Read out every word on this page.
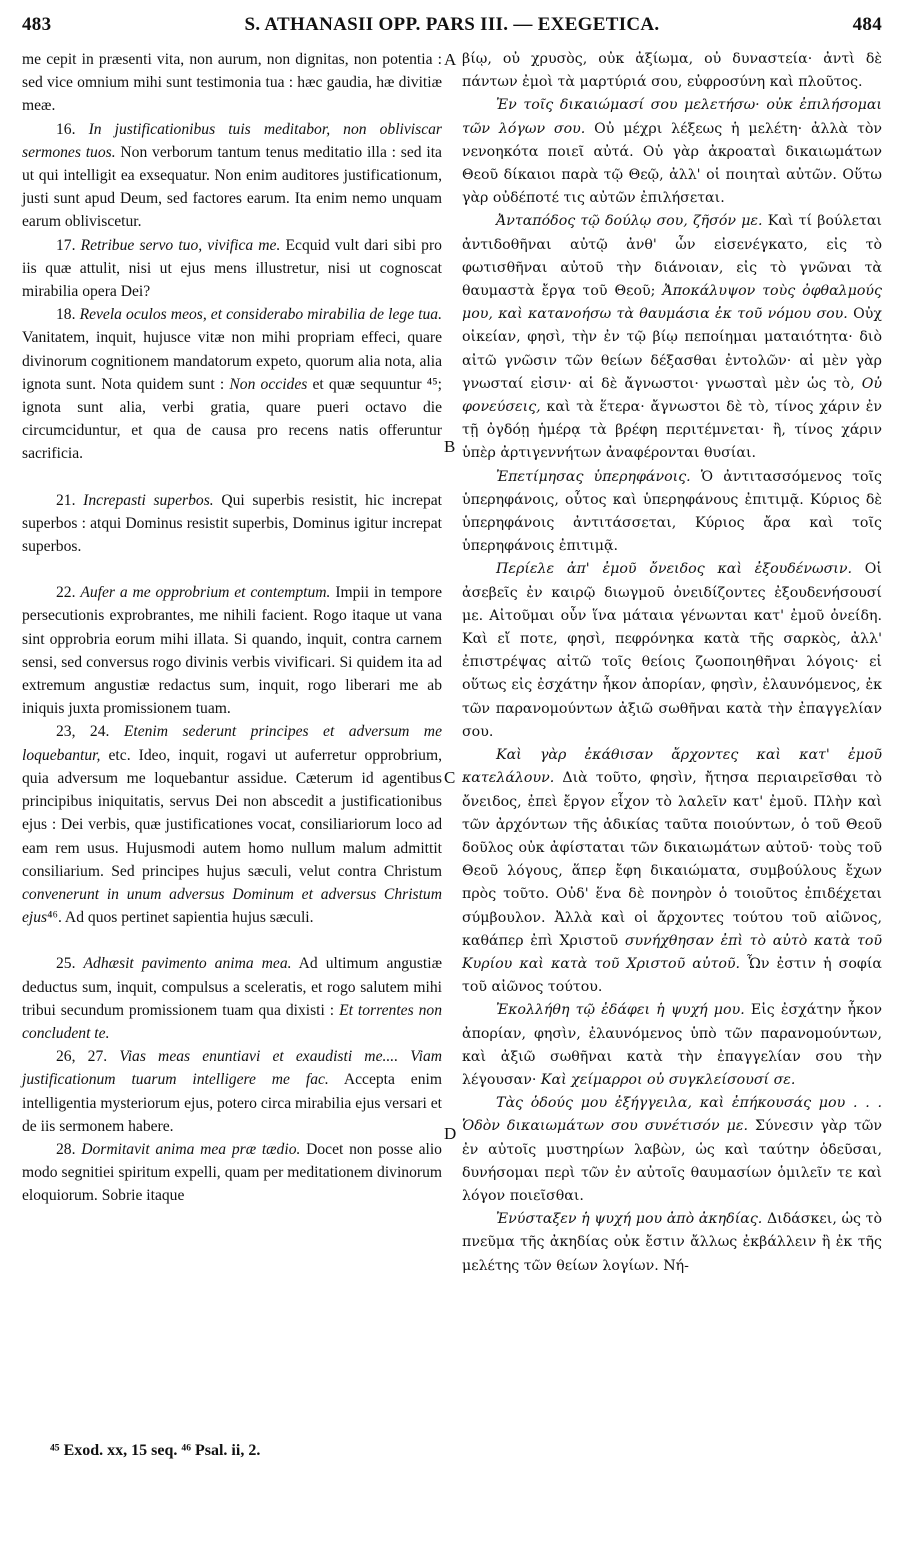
483	S. ATHANASII OPP. PARS III. — EXEGETICA.	484
A
B
C
D

me cepit in præsenti vita, non aurum, non dignitas, non potentia : sed vice omnium mihi sunt testimonia tua : hæc gaudia, hæ divitiæ meæ.

16. In justificationibus tuis meditabor, non obliviscar sermones tuos. Non verborum tantum tenus meditatio illa : sed ita ut qui intelligit ea exsequatur. Non enim auditores justificationum, justi sunt apud Deum, sed factores earum. Ita enim nemo unquam earum obliviscetur.

17. Retribue servo tuo, vivifica me. Ecquid vult dari sibi pro iis quæ attulit, nisi ut ejus mens illustretur, nisi ut cognoscat mirabilia opera Dei?

18. Revela oculos meos, et considerabo mirabilia de lege tua. Vanitatem, inquit, hujusce vitæ non mihi propriam effeci, quare divinorum cognitionem mandatorum expeto, quorum alia nota, alia ignota sunt. Nota quidem sunt : Non occides et quæ sequuntur ⁴⁵; ignota sunt alia, verbi gratia, quare pueri octavo die circumciduntur, et qua de causa pro recens natis offeruntur sacrificia.

21. Increpasti superbos. Qui superbis resistit, hic increpat superbos : atqui Dominus resistit superbis, Dominus igitur increpat superbos.

22. Aufer a me opprobrium et contemptum. Impii in tempore persecutionis exprobrantes, me nihili facient. Rogo itaque ut vana sint opprobria eorum mihi illata. Si quando, inquit, contra carnem sensi, sed conversus rogo divinis verbis vivificari. Si quidem ita ad extremum angustiæ redactus sum, inquit, rogo liberari me ab iniquis juxta promissionem tuam.

23, 24. Etenim sederunt principes et adversum me loquebantur, etc. Ideo, inquit, rogavi ut auferretur opprobrium, quia adversum me loquebantur assidue. Cæterum id agentibus principibus iniquitatis, servus Dei non abscedit a justificationibus ejus : Dei verbis, quæ justificationes vocat, consiliariorum loco ad eam rem usus. Hujusmodi autem homo nullum malum admittit consiliarium. Sed principes hujus sæculi, velut contra Christum convenerunt in unum adversus Dominum et adversus Christum ejus⁴⁶. Ad quos pertinet sapientia hujus sæculi.

25. Adhæsit pavimento anima mea. Ad ultimum angustiæ deductus sum, inquit, compulsus a sceleratis, et rogo salutem mihi tribui secundum promissionem tuam qua dixisti : Et torrentes non concludent te.

26, 27. Vias meas enuntiavi et exaudisti me.... Viam justificationum tuarum intelligere me fac. Accepta enim intelligentia mysteriorum ejus, potero circa mirabilia ejus versari et de iis sermonem habere.

28. Dormitavit anima mea præ tædio. Docet non posse alio modo segnitiei spiritum expelli, quam per meditationem divinorum eloquiorum. Sobrie itaque

⁴⁵ Exod. xx, 15 seq. ⁴⁶ Psal. ii, 2.

βίῳ, οὐ χρυσὸς, οὐκ ἀξίωμα, οὐ δυναστεία· ἀντὶ δὲ πάντων ἐμοὶ τὰ μαρτύριά σου, εὐφροσύνη καὶ πλοῦτος.

Ἐν τοῖς δικαιώμασί σου μελετήσω· οὐκ ἐπιλήσομαι τῶν λόγων σου. Οὐ μέχρι λέξεως ἡ μελέτη· ἀλλὰ τὸν νενοηκότα ποιεῖ αὐτά. Οὐ γὰρ ἀκροαταὶ δικαιωμάτων Θεοῦ δίκαιοι παρὰ τῷ Θεῷ, ἀλλ' οἱ ποιηταὶ αὐτῶν. Οὕτω γὰρ οὐδέποτέ τις αὐτῶν ἐπιλήσεται.

Ἀνταπόδος τῷ δούλῳ σου, ζῆσόν με. Καὶ τί βούλεται ἀντιδοθῆναι αὐτῷ ἀνθ' ὧν εἰσενέγκατο, εἰς τὸ φωτισθῆναι αὐτοῦ τὴν διάνοιαν, εἰς τὸ γνῶναι τὰ θαυμαστὰ ἔργα τοῦ Θεοῦ; Ἀποκάλυψον τοὺς ὀφθαλμούς μου, καὶ κατανοήσω τὰ θαυμάσια ἐκ τοῦ νόμου σου. Οὐχ οἰκείαν, φησὶ, τὴν ἐν τῷ βίῳ πεποίημαι ματαιότητα· διὸ αἰτῶ γνῶσιν τῶν θείων δέξασθαι ἐντολῶν· αἱ μὲν γὰρ γνωσταί εἰσιν· αἱ δὲ ἄγνωστοι· γνωσταὶ μὲν ὡς τὸ, Οὐ φονεύσεις, καὶ τὰ ἕτερα· ἄγνωστοι δὲ τὸ, τίνος χάριν ἐν τῇ ὀγδόῃ ἡμέρᾳ τὰ βρέφη περιτέμνεται· ἢ, τίνος χάριν ὑπὲρ ἀρτιγεννήτων ἀναφέρονται θυσίαι.

Ἐπετίμησας ὑπερηφάνοις. Ὁ ἀντιτασσόμενος τοῖς ὑπερηφάνοις, οὗτος καὶ ὑπερηφάνους ἐπιτιμᾷ. Κύριος δὲ ὑπερηφάνοις ἀντιτάσσεται, Κύριος ἄρα καὶ τοῖς ὑπερηφάνοις ἐπιτιμᾷ.

Περίελε ἀπ' ἐμοῦ ὄνειδος καὶ ἐξουδένωσιν. Οἱ ἀσεβεῖς ἐν καιρῷ διωγμοῦ ὀνειδίζοντες ἐξουδενήσουσί με. Αἰτοῦμαι οὖν ἵνα μάταια γένωνται κατ' ἐμοῦ ὀνείδη. Καὶ εἴ ποτε, φησὶ, πεφρόνηκα κατὰ τῆς σαρκὸς, ἀλλ' ἐπιστρέψας αἰτῶ τοῖς θείοις ζωοποιηθῆναι λόγοις· εἰ οὕτως εἰς ἐσχάτην ἧκον ἀπορίαν, φησὶν, ἐλαυνόμενος, ἐκ τῶν παρανομούντων ἀξιῶ σωθῆναι κατὰ τὴν ἐπαγγελίαν σου.

Καὶ γὰρ ἐκάθισαν ἄρχοντες καὶ κατ' ἐμοῦ κατελάλουν. Διὰ τοῦτο, φησὶν, ἤτησα περιαιρεῖσθαι τὸ ὄνειδος, ἐπεὶ ἔργον εἶχον τὸ λαλεῖν κατ' ἐμοῦ. Πλὴν καὶ τῶν ἀρχόντων τῆς ἀδικίας ταῦτα ποιούντων, ὁ τοῦ Θεοῦ δοῦλος οὐκ ἀφίσταται τῶν δικαιωμάτων αὐτοῦ· τοὺς τοῦ Θεοῦ λόγους, ἅπερ ἔφη δικαιώματα, συμβούλους ἔχων πρὸς τοῦτο. Οὐδ' ἕνα δὲ πονηρὸν ὁ τοιοῦτος ἐπιδέχεται σύμβουλον. Ἀλλὰ καὶ οἱ ἄρχοντες τούτου τοῦ αἰῶνος, καθάπερ ἐπὶ Χριστοῦ συνήχθησαν ἐπὶ τὸ αὐτὸ κατὰ τοῦ Κυρίου καὶ κατὰ τοῦ Χριστοῦ αὐτοῦ. Ὧν ἐστιν ἡ σοφία τοῦ αἰῶνος τούτου.

Ἐκολλήθη τῷ ἐδάφει ἡ ψυχή μου. Εἰς ἐσχάτην ἧκον ἀπορίαν, φησὶν, ἐλαυνόμενος ὑπὸ τῶν παρανομούντων, καὶ ἀξιῶ σωθῆναι κατὰ τὴν ἐπαγγελίαν σου τὴν λέγουσαν· Καὶ χείμαρροι οὐ συγκλείσουσί σε.

Τὰς ὁδούς μου ἐξήγγειλα, καὶ ἐπήκουσάς μου . . . Ὁδὸν δικαιωμάτων σου συνέτισόν με. Σύνεσιν γὰρ τῶν ἐν αὐτοῖς μυστηρίων λαβὼν, ὡς καὶ ταύτην ὁδεῦσαι, δυνήσομαι περὶ τῶν ἐν αὐτοῖς θαυμασίων ὁμιλεῖν τε καὶ λόγον ποιεῖσθαι.

Ἐνύσταξεν ἡ ψυχή μου ἀπὸ ἀκηδίας. Διδάσκει, ὡς τὸ πνεῦμα τῆς ἀκηδίας οὐκ ἔστιν ἄλλως ἐκβάλλειν ἢ ἐκ τῆς μελέτης τῶν θείων λογίων. Νή-
